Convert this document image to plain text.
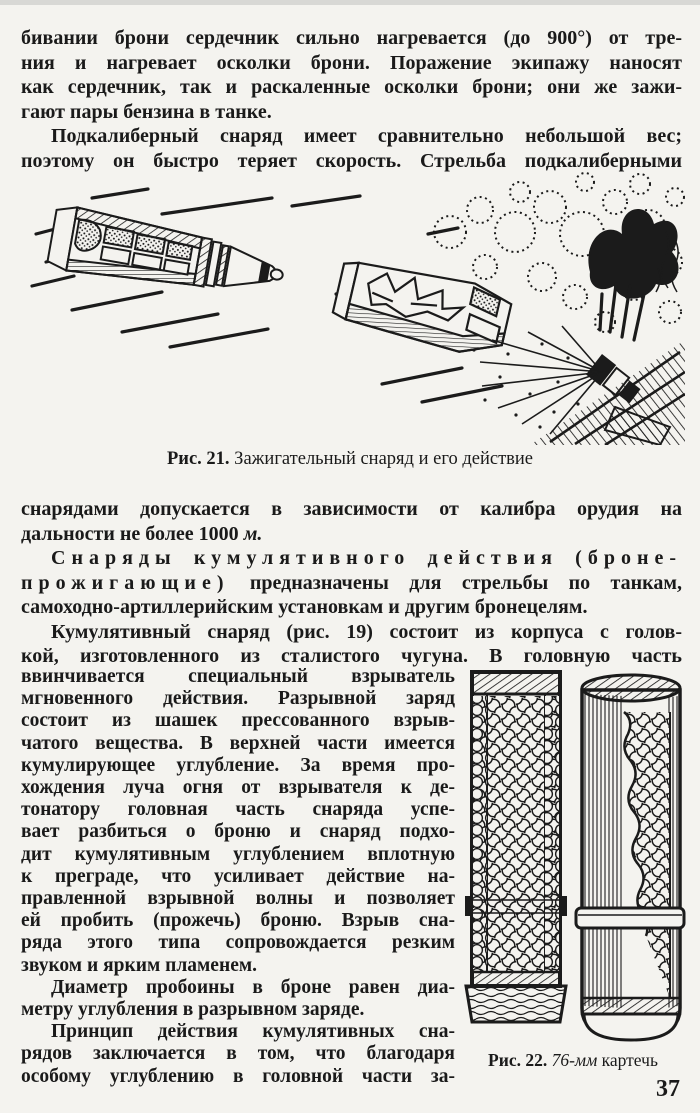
бивании брони сердечник сильно нагревается (до 900°) от тре-
ния и нагревает осколки брони. Поражение экипажу наносят
как сердечник, так и раскаленные осколки брони; они же зажи-
гают пары бензина в танке.
Подкалиберный снаряд имеет сравнительно небольшой вес;
поэтому он быстро теряет скорость. Стрельба подкалиберными
Рис. 21. Зажигательный снаряд и его действие
снарядами допускается в зависимости от калибра орудия на
дальности не более 1000 м.
Снаряды кумулятивного действия (броне-
прожигающие) предназначены для стрельбы по танкам,
самоходно-артиллерийским установкам и другим бронецелям.
Кумулятивный снаряд (рис. 19) состоит из корпуса с голов-
кой, изготовленного из сталистого чугуна. В головную часть
ввинчивается специальный взрыватель
мгновенного действия. Разрывной заряд
состоит из шашек прессованного взрыв-
чатого вещества. В верхней части имеется
кумулирующее углубление. За время про-
хождения луча огня от взрывателя к де-
тонатору головная часть снаряда успе-
вает разбиться о броню и снаряд подхо-
дит кумулятивным углублением вплотную
к преграде, что усиливает действие на-
правленной взрывной волны и позволяет
ей пробить (прожечь) броню. Взрыв сна-
ряда этого типа сопровождается резким
звуком и ярким пламенем.
Диаметр пробоины в броне равен диа-
метру углубления в разрывном заряде.
Принцип действия кумулятивных сна-
рядов заключается в том, что благодаря
особому углублению в головной части за-
Рис. 22. 76-мм картечь
37
